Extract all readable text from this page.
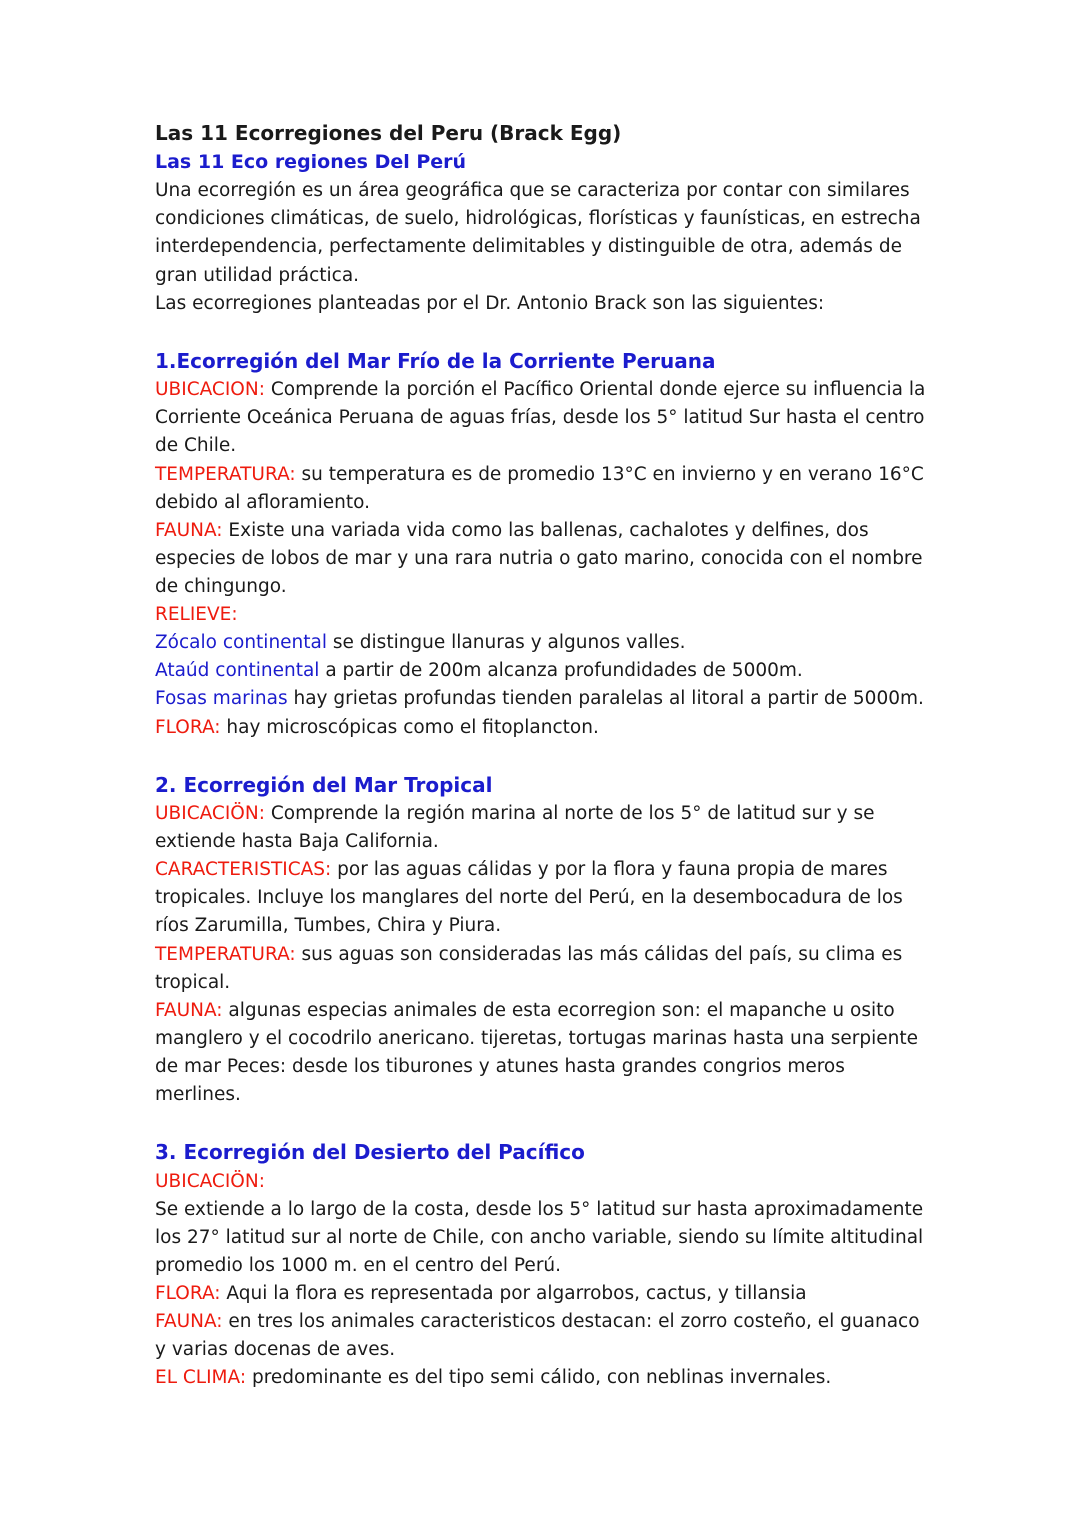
Las 11 Ecorregiones del Peru (Brack Egg)

Las 11 Eco regiones Del Perú

Una ecorregión es un área geográfica que se caracteriza por contar con similares condiciones climáticas, de suelo, hidrológicas, florísticas y faunísticas, en estrecha interdependencia, perfectamente delimitables y distinguible de otra, además de gran utilidad práctica.

Las ecorregiones planteadas por el Dr. Antonio Brack son las siguientes:

1.Ecorregión del Mar Frío de la Corriente Peruana

UBICACION: Comprende la porción el Pacífico Oriental donde ejerce su influencia la Corriente Oceánica Peruana de aguas frías, desde los 5° latitud Sur hasta el centro de Chile.

TEMPERATURA: su temperatura es de promedio 13°C en invierno y en verano 16°C debido al afloramiento.

FAUNA: Existe una variada vida como las ballenas, cachalotes y delfines, dos especies de lobos de mar y una rara nutria o gato marino, conocida con el nombre de chingungo.

RELIEVE:

Zócalo continental se distingue llanuras y algunos valles.

Ataúd continental a partir de 200m alcanza profundidades de 5000m.

Fosas marinas hay grietas profundas tienden paralelas al litoral a partir de 5000m.

FLORA: hay microscópicas como el fitoplancton.

2. Ecorregión del Mar Tropical

UBICACIÖN: Comprende la región marina al norte de los 5° de latitud sur y se extiende hasta Baja California.

CARACTERISTICAS: por las aguas cálidas y por la flora y fauna propia de mares tropicales. Incluye los manglares del norte del Perú, en la desembocadura de los ríos Zarumilla, Tumbes, Chira y Piura.

TEMPERATURA: sus aguas son consideradas las más cálidas del país, su clima es tropical.

FAUNA: algunas especias animales de esta ecorregion son: el mapanche u osito manglero y el cocodrilo anericano. tijeretas, tortugas marinas hasta una serpiente de mar Peces: desde los tiburones y atunes hasta grandes congrios meros merlines.

3. Ecorregión del Desierto del Pacífico

UBICACIÖN:

Se extiende a lo largo de la costa, desde los 5° latitud sur hasta aproximadamente los 27° latitud sur al norte de Chile, con ancho variable, siendo su límite altitudinal promedio los 1000 m. en el centro del Perú.

FLORA: Aqui la flora es representada por algarrobos, cactus, y tillansia

FAUNA: en tres los animales caracteristicos destacan: el zorro costeño, el guanaco y varias docenas de aves.

EL CLIMA: predominante es del tipo semi cálido, con neblinas invernales.
